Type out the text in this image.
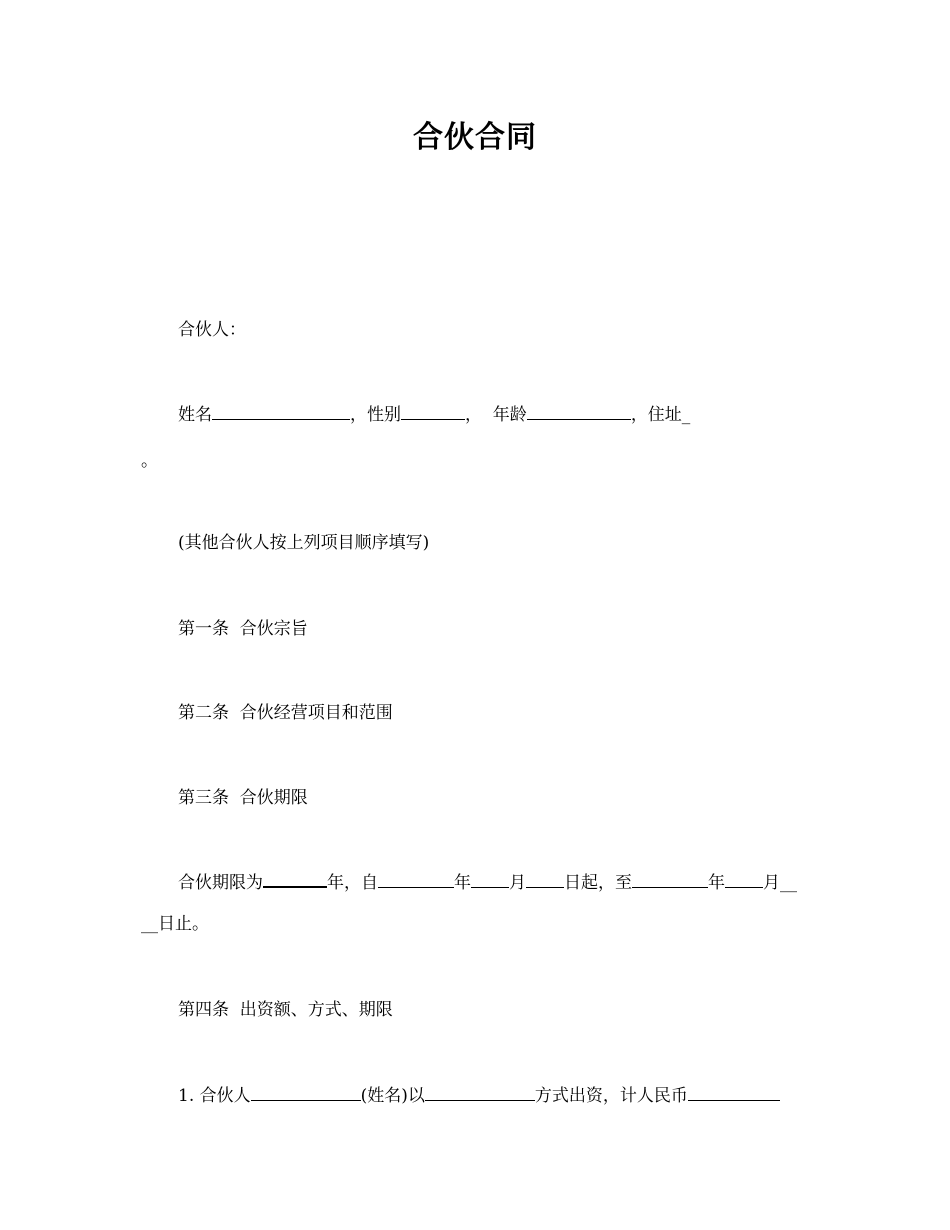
合伙合同
合伙人：
姓名	，性别	，  年龄	，住址_
。
(其他合伙人按上列项目顺序填写)
第一条  合伙宗旨
第二条  合伙经营项目和范围
第三条  合伙期限
合伙期限为	年，自	年 月 日起，至	年 月__
__日止。
第四条  出资额、方式、期限
1. 合伙人	(姓名)以	方式出资，计人民币
